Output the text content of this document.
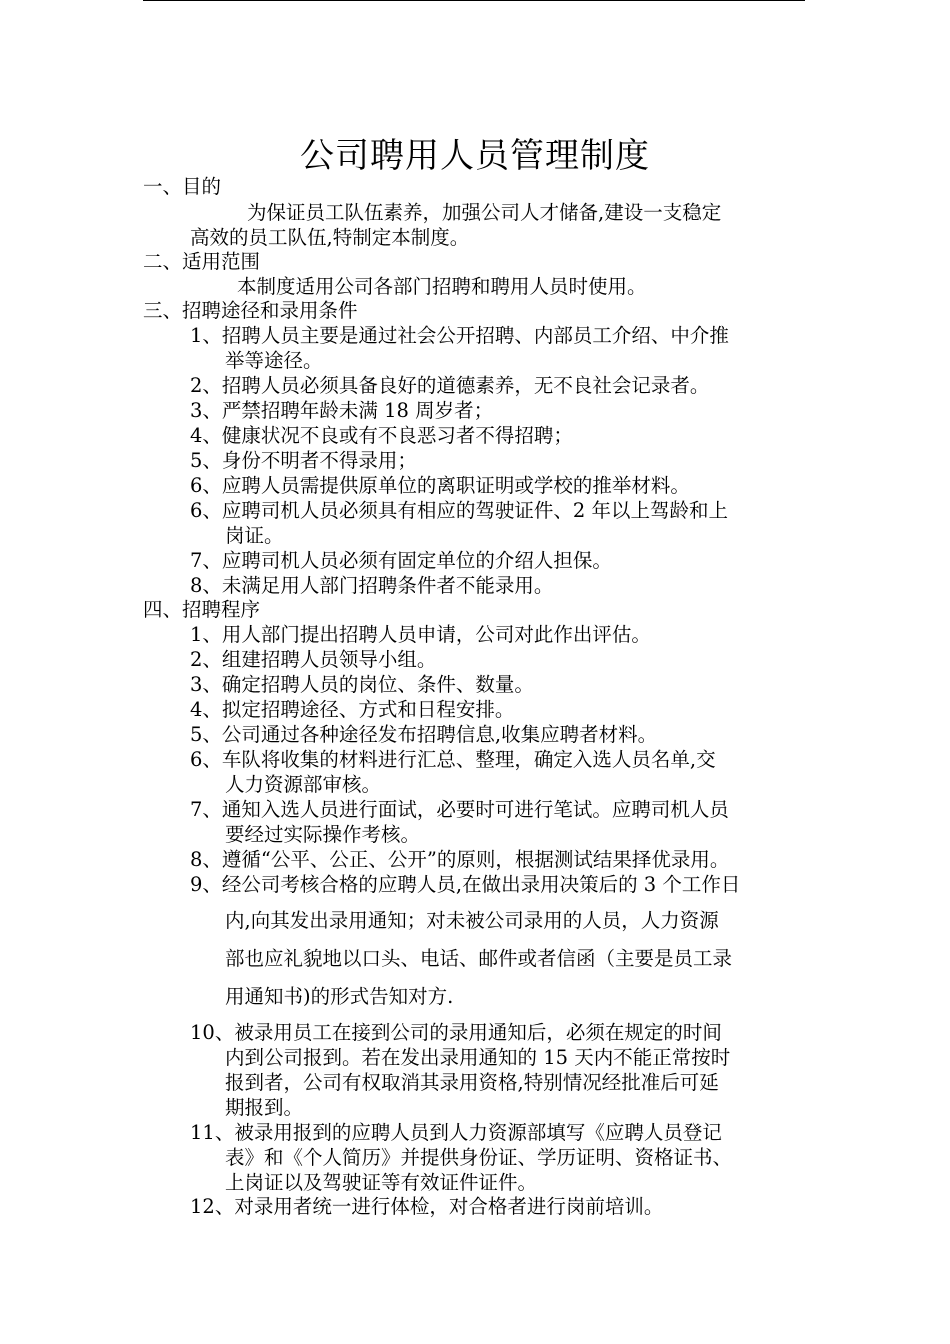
公司聘用人员管理制度
一、目的
为保证员工队伍素养，加强公司人才储备,建设一支稳定
高效的员工队伍,特制定本制度。
二、适用范围
本制度适用公司各部门招聘和聘用人员时使用。
三、招聘途径和录用条件
1、招聘人员主要是通过社会公开招聘、内部员工介绍、中介推
举等途径。
2、招聘人员必须具备良好的道德素养，无不良社会记录者。
3、严禁招聘年龄未满 18 周岁者；
4、健康状况不良或有不良恶习者不得招聘；
5、身份不明者不得录用；
6、应聘人员需提供原单位的离职证明或学校的推举材料。
6、应聘司机人员必须具有相应的驾驶证件、2 年以上驾龄和上
岗证。
7、应聘司机人员必须有固定单位的介绍人担保。
8、未满足用人部门招聘条件者不能录用。
四、招聘程序
1、用人部门提出招聘人员申请，公司对此作出评估。
2、组建招聘人员领导小组。
3、确定招聘人员的岗位、条件、数量。
4、拟定招聘途径、方式和日程安排。
5、公司通过各种途径发布招聘信息,收集应聘者材料。
6、车队将收集的材料进行汇总、整理，确定入选人员名单,交
人力资源部审核。
7、通知入选人员进行面试，必要时可进行笔试。应聘司机人员
要经过实际操作考核。
8、遵循“公平、公正、公开”的原则，根据测试结果择优录用。
9、经公司考核合格的应聘人员,在做出录用决策后的 3 个工作日
内,向其发出录用通知；对未被公司录用的人员，人力资源
部也应礼貌地以口头、电话、邮件或者信函（主要是员工录
用通知书)的形式告知对方.
10、被录用员工在接到公司的录用通知后，必须在规定的时间
内到公司报到。若在发出录用通知的 15 天内不能正常按时
报到者，公司有权取消其录用资格,特别情况经批准后可延
期报到。
11、被录用报到的应聘人员到人力资源部填写《应聘人员登记
表》和《个人简历》并提供身份证、学历证明、资格证书、
上岗证以及驾驶证等有效证件证件。
12、对录用者统一进行体检，对合格者进行岗前培训。
